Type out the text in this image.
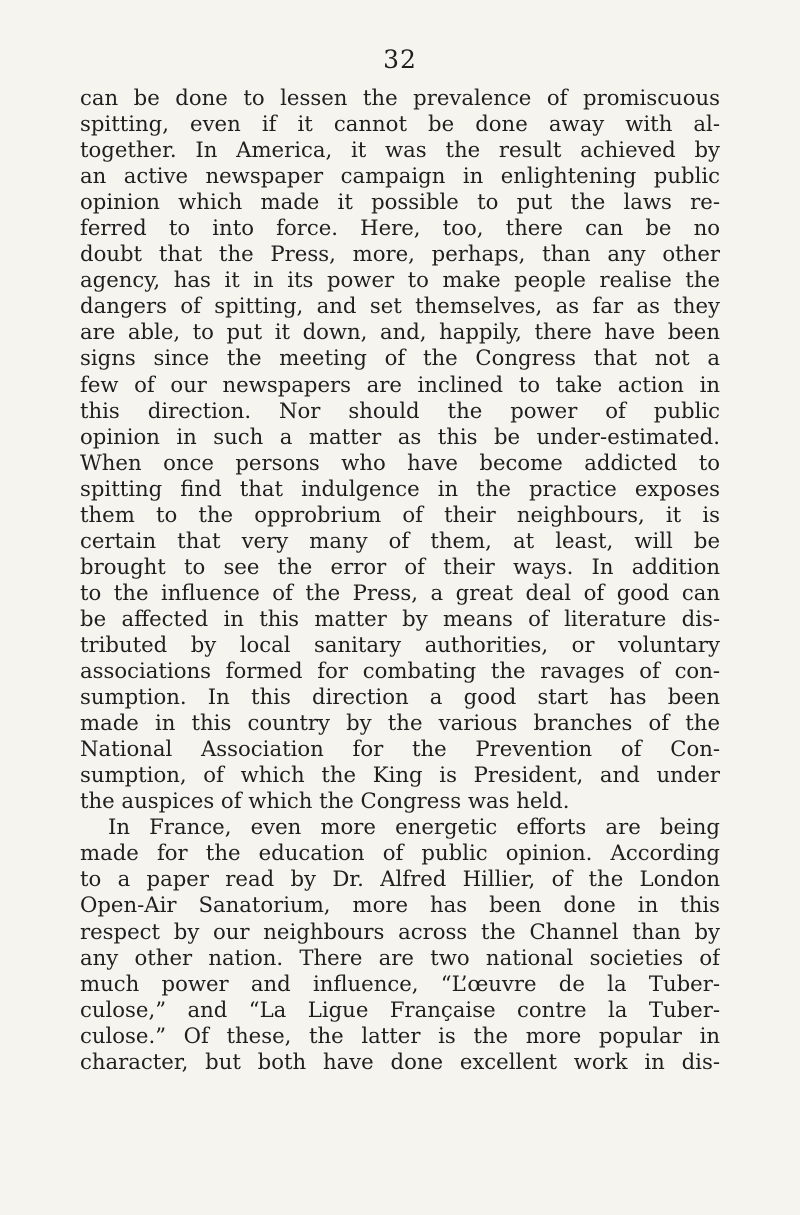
32
can be done to lessen the prevalence of promiscuous
spitting, even if it cannot be done away with al-
together. In America, it was the result achieved by
an active newspaper campaign in enlightening public
opinion which made it possible to put the laws re-
ferred to into force. Here, too, there can be no
doubt that the Press, more, perhaps, than any other
agency, has it in its power to make people realise the
dangers of spitting, and set themselves, as far as they
are able, to put it down, and, happily, there have been
signs since the meeting of the Congress that not a
few of our newspapers are inclined to take action in
this direction. Nor should the power of public
opinion in such a matter as this be under-estimated.
When once persons who have become addicted to
spitting find that indulgence in the practice exposes
them to the opprobrium of their neighbours, it is
certain that very many of them, at least, will be
brought to see the error of their ways. In addition
to the influence of the Press, a great deal of good can
be affected in this matter by means of literature dis-
tributed by local sanitary authorities, or voluntary
associations formed for combating the ravages of con-
sumption. In this direction a good start has been
made in this country by the various branches of the
National Association for the Prevention of Con-
sumption, of which the King is President, and under
the auspices of which the Congress was held.
In France, even more energetic efforts are being
made for the education of public opinion. According
to a paper read by Dr. Alfred Hillier, of the London
Open-Air Sanatorium, more has been done in this
respect by our neighbours across the Channel than by
any other nation. There are two national societies of
much power and influence, “L’œuvre de la Tuber-
culose,” and “La Ligue Française contre la Tuber-
culose.” Of these, the latter is the more popular in
character, but both have done excellent work in dis-
